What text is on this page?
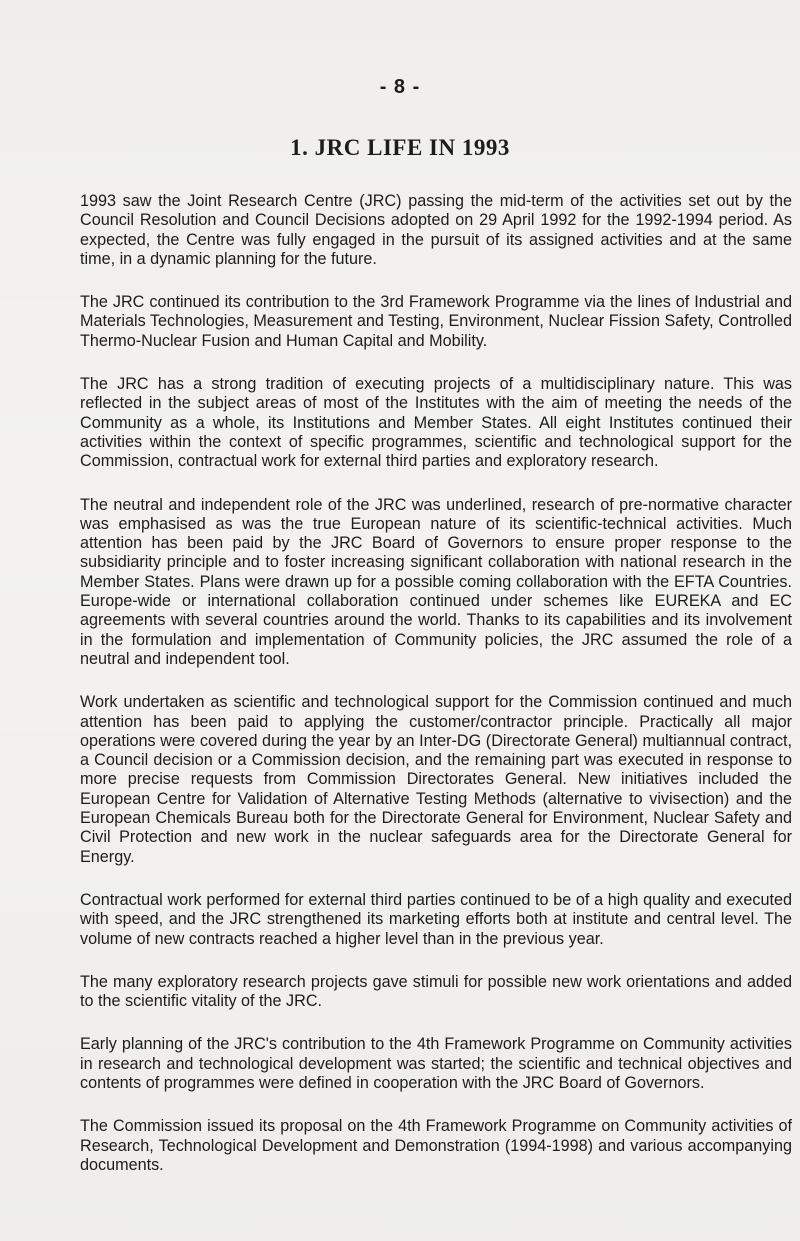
- 8 -
1. JRC LIFE IN 1993

1993 saw the Joint Research Centre (JRC) passing the mid-term of the activities set out by the Council Resolution and Council Decisions adopted on 29 April 1992 for the 1992-1994 period. As expected, the Centre was fully engaged in the pursuit of its assigned activities and at the same time, in a dynamic planning for the future.

The JRC continued its contribution to the 3rd Framework Programme via the lines of Industrial and Materials Technologies, Measurement and Testing, Environment, Nuclear Fission Safety, Controlled Thermo-Nuclear Fusion and Human Capital and Mobility.

The JRC has a strong tradition of executing projects of a multidisciplinary nature. This was reflected in the subject areas of most of the Institutes with the aim of meeting the needs of the Community as a whole, its Institutions and Member States. All eight Institutes continued their activities within the context of specific programmes, scientific and technological support for the Commission, contractual work for external third parties and exploratory research.

The neutral and independent role of the JRC was underlined, research of pre-normative character was emphasised as was the true European nature of its scientific-technical activities. Much attention has been paid by the JRC Board of Governors to ensure proper response to the subsidiarity principle and to foster increasing significant collaboration with national research in the Member States. Plans were drawn up for a possible coming collaboration with the EFTA Countries. Europe-wide or international collaboration continued under schemes like EUREKA and EC agreements with several countries around the world. Thanks to its capabilities and its involvement in the formulation and implementation of Community policies, the JRC assumed the role of a neutral and independent tool.

Work undertaken as scientific and technological support for the Commission continued and much attention has been paid to applying the customer/contractor principle. Practically all major operations were covered during the year by an Inter-DG (Directorate General) multiannual contract, a Council decision or a Commission decision, and the remaining part was executed in response to more precise requests from Commission Directorates General. New initiatives included the European Centre for Validation of Alternative Testing Methods (alternative to vivisection) and the European Chemicals Bureau both for the Directorate General for Environment, Nuclear Safety and Civil Protection and new work in the nuclear safeguards area for the Directorate General for Energy.

Contractual work performed for external third parties continued to be of a high quality and executed with speed, and the JRC strengthened its marketing efforts both at institute and central level. The volume of new contracts reached a higher level than in the previous year.

The many exploratory research projects gave stimuli for possible new work orientations and added to the scientific vitality of the JRC.

Early planning of the JRC's contribution to the 4th Framework Programme on Community activities in research and technological development was started; the scientific and technical objectives and contents of programmes were defined in cooperation with the JRC Board of Governors.

The Commission issued its proposal on the 4th Framework Programme on Community activities of Research, Technological Development and Demonstration (1994-1998) and various accompanying documents.
